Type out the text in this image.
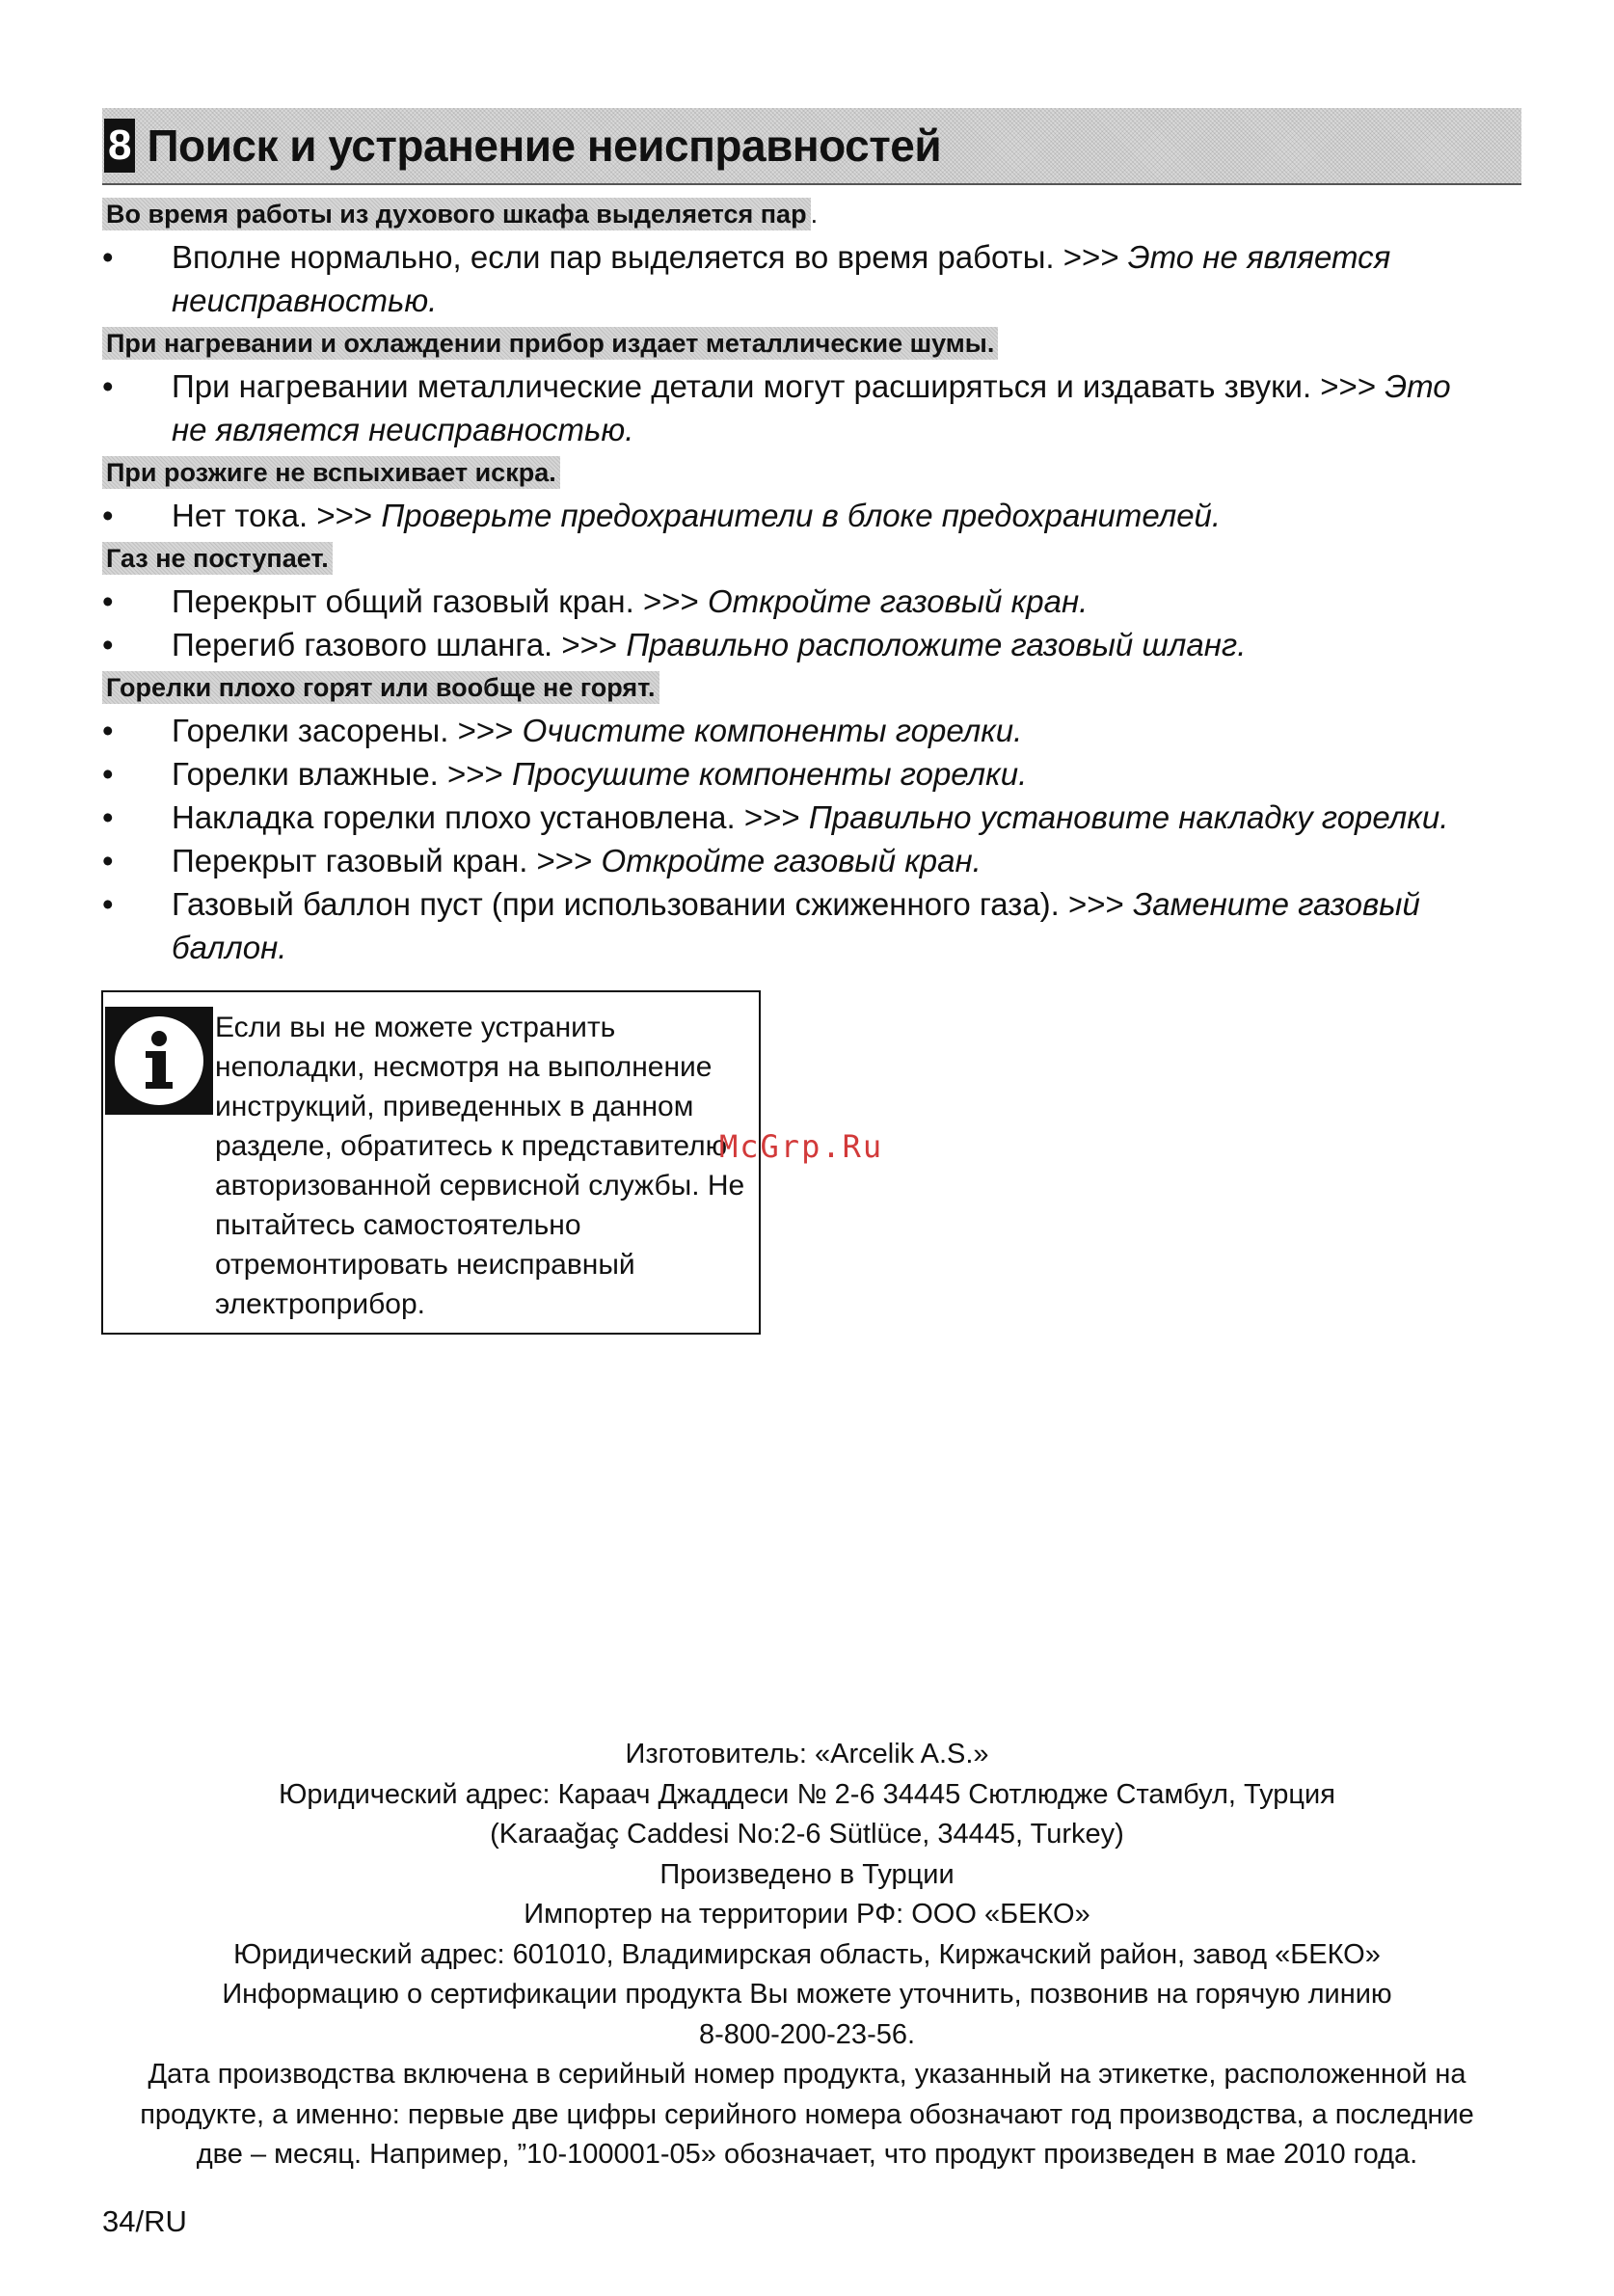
8 Поиск и устранение неисправностей
Во время работы из духового шкафа выделяется пар .
• Вполне нормально, если пар выделяется во время работы. >>> Это не является
неисправностью.
При нагревании и охлаждении прибор издает металлические шумы.
• При нагревании металлические детали могут расширяться и издавать звуки. >>> Это
не является неисправностью.
При розжиге не вспыхивает искра.
• Нет тока. >>> Проверьте предохранители в блоке предохранителей.
Газ не поступает.
• Перекрыт общий газовый кран. >>> Откройте газовый кран.
• Перегиб газового шланга. >>> Правильно расположите газовый шланг.
Горелки плохо горят или вообще не горят.
• Горелки засорены. >>> Очистите компоненты горелки.
• Горелки влажные. >>> Просушите компоненты горелки.
• Накладка горелки плохо установлена. >>> Правильно установите накладку горелки.
• Перекрыт газовый кран. >>> Откройте газовый кран.
• Газовый баллон пуст (при использовании сжиженного газа). >>> Замените газовый
баллон.
Если вы не можете устранить
неполадки, несмотря на выполнение
инструкций, приведенных в данном
разделе, обратитесь к представителю
авторизованной сервисной службы. Не
пытайтесь самостоятельно
отремонтировать неисправный
электроприбор.
McGrp.Ru
Изготовитель: «Arcelik A.S.»
Юридический адрес: Карaач Джаддеси № 2-6 34445 Сютлюдже Стамбул, Турция
(Karaağaç Caddesi No:2-6 Sütlüce, 34445, Turkey)
Произведено в Турции
Импортер на территории РФ: ООО «БЕКО»
Юридический адрес: 601010, Владимирская область, Киржачский район, завод «БЕКО»
Информацию о сертификации продукта Вы можете уточнить, позвонив на горячую линию
8-800-200-23-56.
Дата производства включена в серийный номер продукта, указанный на этикетке, расположенной на
продукте, а именно: первые две цифры серийного номера обозначают год производства, а последние
две – месяц. Например, ”10-100001-05» обозначает, что продукт произведен в мае 2010 года.
34/RU
